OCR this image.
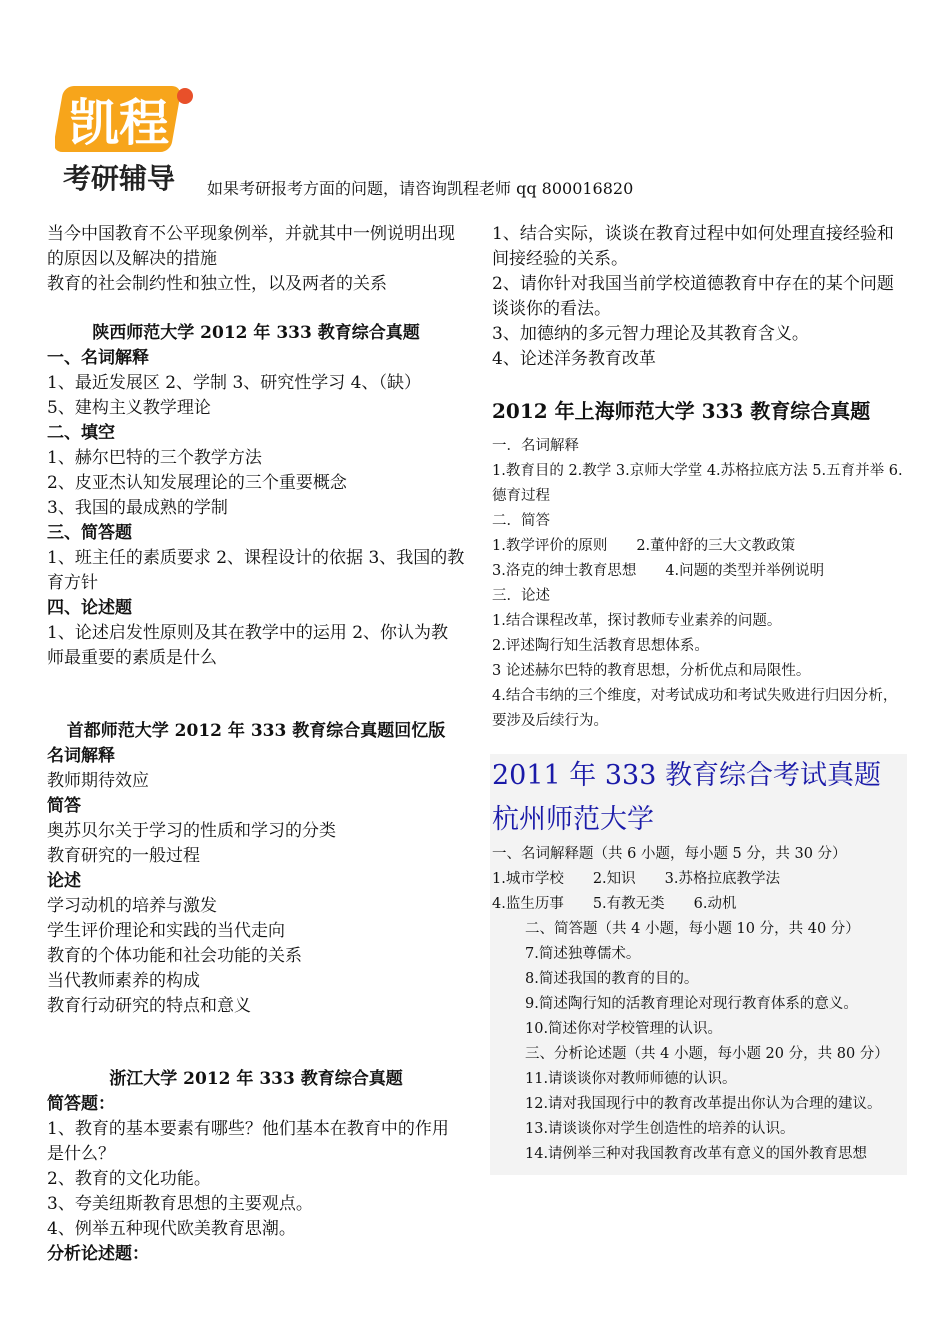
凯程
考研辅导 如果考研报考方面的问题，请咨询凯程老师 qq 800016820

当今中国教育不公平现象例举，并就其中一例说明出现的原因以及解决的措施

教育的社会制约性和独立性，以及两者的关系

陕西师范大学 2012 年 333 教育综合真题

一、名词解释

1、最近发展区 2、学制 3、研究性学习 4、（缺）

5、建构主义教学理论

二、填空

1、赫尔巴特的三个教学方法

2、皮亚杰认知发展理论的三个重要概念

3、我国的最成熟的学制

三、简答题

1、班主任的素质要求 2、课程设计的依据 3、我国的教育方针

四、论述题

1、论述启发性原则及其在教学中的运用 2、你认为教师最重要的素质是什么

首都师范大学 2012 年 333 教育综合真题回忆版

名词解释

教师期待效应

简答

奥苏贝尔关于学习的性质和学习的分类

教育研究的一般过程

论述

学习动机的培养与激发

学生评价理论和实践的当代走向

教育的个体功能和社会功能的关系

当代教师素养的构成

教育行动研究的特点和意义

浙江大学 2012 年 333 教育综合真题

简答题：

1、教育的基本要素有哪些？他们基本在教育中的作用是什么？

2、教育的文化功能。

3、夸美纽斯教育思想的主要观点。

4、例举五种现代欧美教育思潮。

分析论述题：

1、结合实际，谈谈在教育过程中如何处理直接经验和间接经验的关系。

2、请你针对我国当前学校道德教育中存在的某个问题谈谈你的看法。

3、加德纳的多元智力理论及其教育含义。

4、论述洋务教育改革

2012 年上海师范大学 333 教育综合真题

一．名词解释

1.教育目的 2.教学 3.京师大学堂 4.苏格拉底方法 5.五育并举 6.德育过程

二．简答

1.教学评价的原则　　2.董仲舒的三大文教政策

3.洛克的绅士教育思想　　4.问题的类型并举例说明

三．论述

1.结合课程改革，探讨教师专业素养的问题。

2.评述陶行知生活教育思想体系。

3 论述赫尔巴特的教育思想，分析优点和局限性。

4.结合韦纳的三个维度，对考试成功和考试失败进行归因分析，要涉及后续行为。

2011 年 333 教育综合考试真题杭州师范大学

一、名词解释题（共 6 小题，每小题 5 分，共 30 分）

1.城市学校　　2.知识　　3.苏格拉底教学法

4.监生历事　　5.有教无类　　6.动机

二、简答题（共 4 小题，每小题 10 分，共 40 分）

7.简述独尊儒术。

8.简述我国的教育的目的。

9.简述陶行知的活教育理论对现行教育体系的意义。

10.简述你对学校管理的认识。

三、分析论述题（共 4 小题，每小题 20 分，共 80 分）

11.请谈谈你对教师师德的认识。

12.请对我国现行中的教育改革提出你认为合理的建议。

13.请谈谈你对学生创造性的培养的认识。

14.请例举三种对我国教育改革有意义的国外教育思想
